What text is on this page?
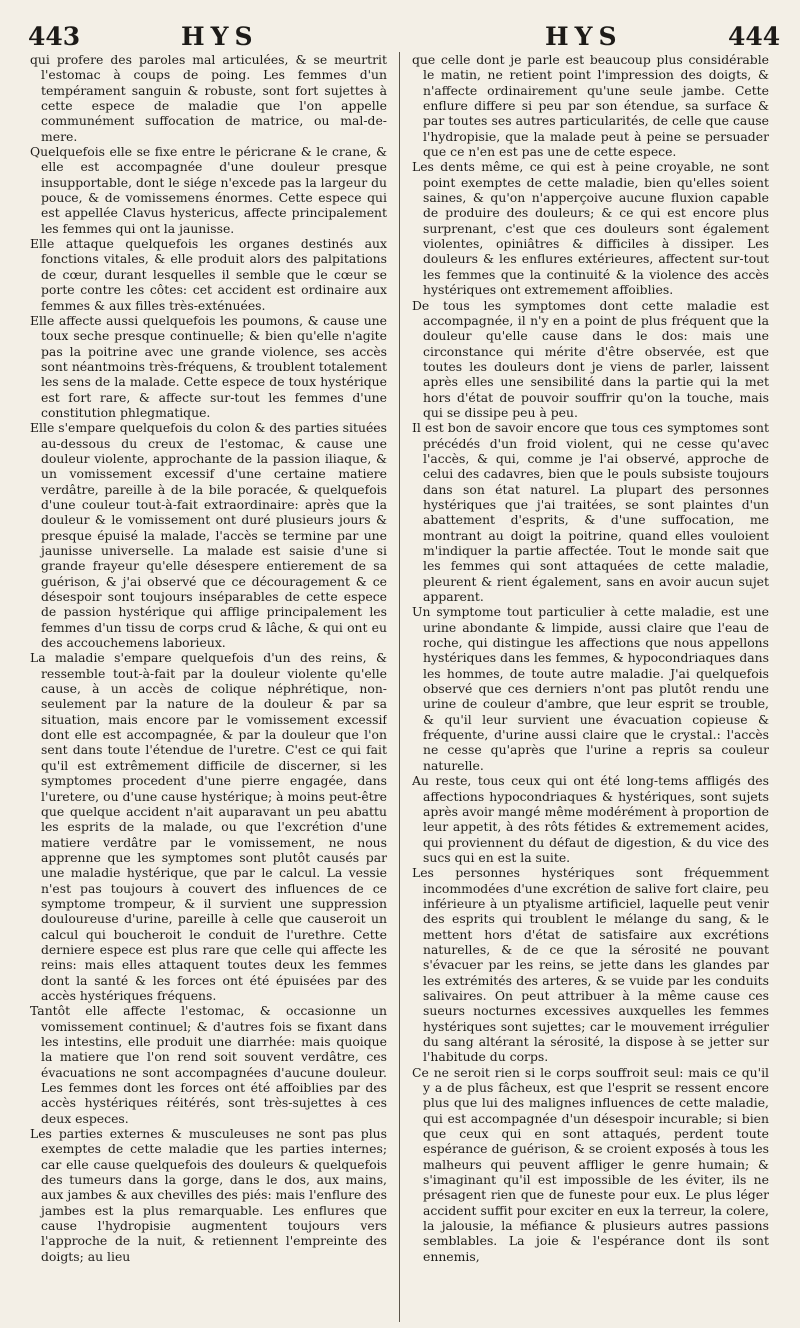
443	HYS	HYS	444

qui profere des paroles mal articulées, & se meurtrit l'estomac à coups de poing. Les femmes d'un tempérament sanguin & robuste, sont fort sujettes à cette espece de maladie que l'on appelle communément suffocation de matrice, ou mal-de-mere.

Quelquefois elle se fixe entre le péricrane & le crane, & elle est accompagnée d'une douleur presque insupportable, dont le siége n'excede pas la largeur du pouce, & de vomissemens énormes. Cette espece qui est appellée Clavus hystericus, affecte principalement les femmes qui ont la jaunisse.

Elle attaque quelquefois les organes destinés aux fonctions vitales, & elle produit alors des palpitations de cœur, durant lesquelles il semble que le cœur se porte contre les côtes: cet accident est ordinaire aux femmes & aux filles très-exténuées.

Elle affecte aussi quelquefois les poumons, & cause une toux seche presque continuelle; & bien qu'elle n'agite pas la poitrine avec une grande violence, ses accès sont néantmoins très-fréquens, & troublent totalement les sens de la malade. Cette espece de toux hystérique est fort rare, & affecte sur-tout les femmes d'une constitution phlegmatique.

Elle s'empare quelquefois du colon & des parties situées au-dessous du creux de l'estomac, & cause une douleur violente, approchante de la passion iliaque, & un vomissement excessif d'une certaine matiere verdâtre, pareille à de la bile poracée, & quelquefois d'une couleur tout-à-fait extraordinaire: après que la douleur & le vomissement ont duré plusieurs jours & presque épuisé la malade, l'accès se termine par une jaunisse universelle. La malade est saisie d'une si grande frayeur qu'elle désespere entierement de sa guérison, & j'ai observé que ce découragement & ce désespoir sont toujours inséparables de cette espece de passion hystérique qui afflige principalement les femmes d'un tissu de corps crud & lâche, & qui ont eu des accouchemens laborieux.

La maladie s'empare quelquefois d'un des reins, & ressemble tout-à-fait par la douleur violente qu'elle cause, à un accès de colique néphrétique, non-seulement par la nature de la douleur & par sa situation, mais encore par le vomissement excessif dont elle est accompagnée, & par la douleur que l'on sent dans toute l'étendue de l'uretre. C'est ce qui fait qu'il est extrêmement difficile de discerner, si les symptomes procedent d'une pierre engagée, dans l'uretere, ou d'une cause hystérique; à moins peut-être que quelque accident n'ait auparavant un peu abattu les esprits de la malade, ou que l'excrétion d'une matiere verdâtre par le vomissement, ne nous apprenne que les symptomes sont plutôt causés par une maladie hystérique, que par le calcul. La vessie n'est pas toujours à couvert des influences de ce symptome trompeur, & il survient une suppression douloureuse d'urine, pareille à celle que causeroit un calcul qui boucheroit le conduit de l'urethre. Cette derniere espece est plus rare que celle qui affecte les reins: mais elles attaquent toutes deux les femmes dont la santé & les forces ont été épuisées par des accès hystériques fréquens.

Tantôt elle affecte l'estomac, & occasionne un vomissement continuel; & d'autres fois se fixant dans les intestins, elle produit une diarrhée: mais quoique la matiere que l'on rend soit souvent verdâtre, ces évacuations ne sont accompagnées d'aucune douleur. Les femmes dont les forces ont été affoiblies par des accès hystériques réitérés, sont très-sujettes à ces deux especes.

Les parties externes & musculeuses ne sont pas plus exemptes de cette maladie que les parties internes; car elle cause quelquefois des douleurs & quelquefois des tumeurs dans la gorge, dans le dos, aux mains, aux jambes & aux chevilles des piés: mais l'enflure des jambes est la plus remarquable. Les enflures que cause l'hydropisie augmentent toujours vers l'approche de la nuit, & retiennent l'empreinte des doigts; au lieu

que celle dont je parle est beaucoup plus considérable le matin, ne retient point l'impression des doigts, & n'affecte ordinairement qu'une seule jambe. Cette enflure differe si peu par son étendue, sa surface & par toutes ses autres particularités, de celle que cause l'hydropisie, que la malade peut à peine se persuader que ce n'en est pas une de cette espece.

Les dents même, ce qui est à peine croyable, ne sont point exemptes de cette maladie, bien qu'elles soient saines, & qu'on n'apperçoive aucune fluxion capable de produire des douleurs; & ce qui est encore plus surprenant, c'est que ces douleurs sont également violentes, opiniâtres & difficiles à dissiper. Les douleurs & les enflures extérieures, affectent sur-tout les femmes que la continuité & la violence des accès hystériques ont extremement affoiblies.

De tous les symptomes dont cette maladie est accompagnée, il n'y en a point de plus fréquent que la douleur qu'elle cause dans le dos: mais une circonstance qui mérite d'être observée, est que toutes les douleurs dont je viens de parler, laissent après elles une sensibilité dans la partie qui la met hors d'état de pouvoir souffrir qu'on la touche, mais qui se dissipe peu à peu.

Il est bon de savoir encore que tous ces symptomes sont précédés d'un froid violent, qui ne cesse qu'avec l'accès, & qui, comme je l'ai observé, approche de celui des cadavres, bien que le pouls subsiste toujours dans son état naturel. La plupart des personnes hystériques que j'ai traitées, se sont plaintes d'un abattement d'esprits, & d'une suffocation, me montrant au doigt la poitrine, quand elles vouloient m'indiquer la partie affectée. Tout le monde sait que les femmes qui sont attaquées de cette maladie, pleurent & rient également, sans en avoir aucun sujet apparent.

Un symptome tout particulier à cette maladie, est une urine abondante & limpide, aussi claire que l'eau de roche, qui distingue les affections que nous appellons hystériques dans les femmes, & hypocondriaques dans les hommes, de toute autre maladie. J'ai quelquefois observé que ces derniers n'ont pas plutôt rendu une urine de couleur d'ambre, que leur esprit se trouble, & qu'il leur survient une évacuation copieuse & fréquente, d'urine aussi claire que le crystal.: l'accès ne cesse qu'après que l'urine a repris sa couleur naturelle.

Au reste, tous ceux qui ont été long-tems affligés des affections hypocondriaques & hystériques, sont sujets après avoir mangé même modérément à proportion de leur appetit, à des rôts fétides & extremement acides, qui proviennent du défaut de digestion, & du vice des sucs qui en est la suite.

Les personnes hystériques sont fréquemment incommodées d'une excrétion de salive fort claire, peu inférieure à un ptyalisme artificiel, laquelle peut venir des esprits qui troublent le mélange du sang, & le mettent hors d'état de satisfaire aux excrétions naturelles, & de ce que la sérosité ne pouvant s'évacuer par les reins, se jette dans les glandes par les extrémités des arteres, & se vuide par les conduits salivaires. On peut attribuer à la même cause ces sueurs nocturnes excessives auxquelles les femmes hystériques sont sujettes; car le mouvement irrégulier du sang altérant la sérosité, la dispose à se jetter sur l'habitude du corps.

Ce ne seroit rien si le corps souffroit seul: mais ce qu'il y a de plus fâcheux, est que l'esprit se ressent encore plus que lui des malignes influences de cette maladie, qui est accompagnée d'un désespoir incurable; si bien que ceux qui en sont attaqués, perdent toute espérance de guérison, & se croient exposés à tous les malheurs qui peuvent affliger le genre humain; & s'imaginant qu'il est impossible de les éviter, ils ne présagent rien que de funeste pour eux. Le plus léger accident suffit pour exciter en eux la terreur, la colere, la jalousie, la méfiance & plusieurs autres passions semblables. La joie & l'espérance dont ils sont ennemis,
